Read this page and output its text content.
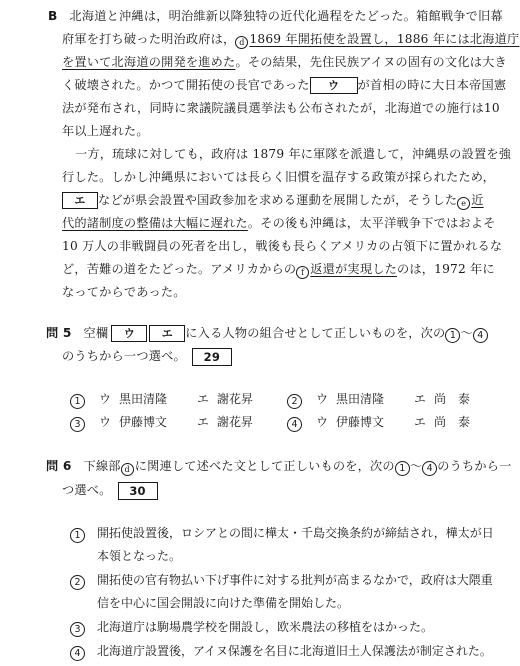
B 北海道と沖縄は，明治維新以降独特の近代化過程をたどった。箱館戦争で旧幕
府軍を打ち破った明治政府は， d 1869 年開拓使を設置し，1886 年には北海道庁
を置いて北海道の開発を進めた。その結果，先住民族アイヌの固有の文化は大き
く破壊された。かつて開拓使の長官であった ウ が首相の時に大日本帝国憲
法が発布され，同時に衆議院議員選挙法も公布されたが，北海道での施行は10
年以上遅れた。
一方，琉球に対しても，政府は 1879 年に軍隊を派遣して，沖縄県の設置を強
行した。しかし沖縄県においては長らく旧慣を温存する政策が採られたため，
エ などが県会設置や国政参加を求める運動を展開したが，そうした e 近
代的諸制度の整備は大幅に遅れた。その後も沖縄は，太平洋戦争下ではおよそ
10 万人の非戦闘員の死者を出し，戦後も長らくアメリカの占領下に置かれるな
ど，苦難の道をたどった。アメリカからの f 返還が実現したのは，1972 年に
なってからであった。
問 5 空欄 ウ エ に入る人物の組合せとして正しいものを，次の 1 〜 4
のうちから一つ選べ。 29
1 ウ 黒田清隆	エ 謝花昇	2 ウ 黒田清隆	エ 尚　泰
3 ウ 伊藤博文	エ 謝花昇	4 ウ 伊藤博文	エ 尚　泰
問 6 下線部 d に関連して述べた文として正しいものを，次の 1 〜 4 のうちから一
つ選べ。 30
1 開拓使設置後，ロシアとの間に樺太・千島交換条約が締結され，樺太が日
本領となった。
2 開拓使の官有物払い下げ事件に対する批判が高まるなかで，政府は大隈重
信を中心に国会開設に向けた準備を開始した。
3 北海道庁は駒場農学校を開設し，欧米農法の移植をはかった。
4 北海道庁設置後，アイヌ保護を名目に北海道旧土人保護法が制定された。
